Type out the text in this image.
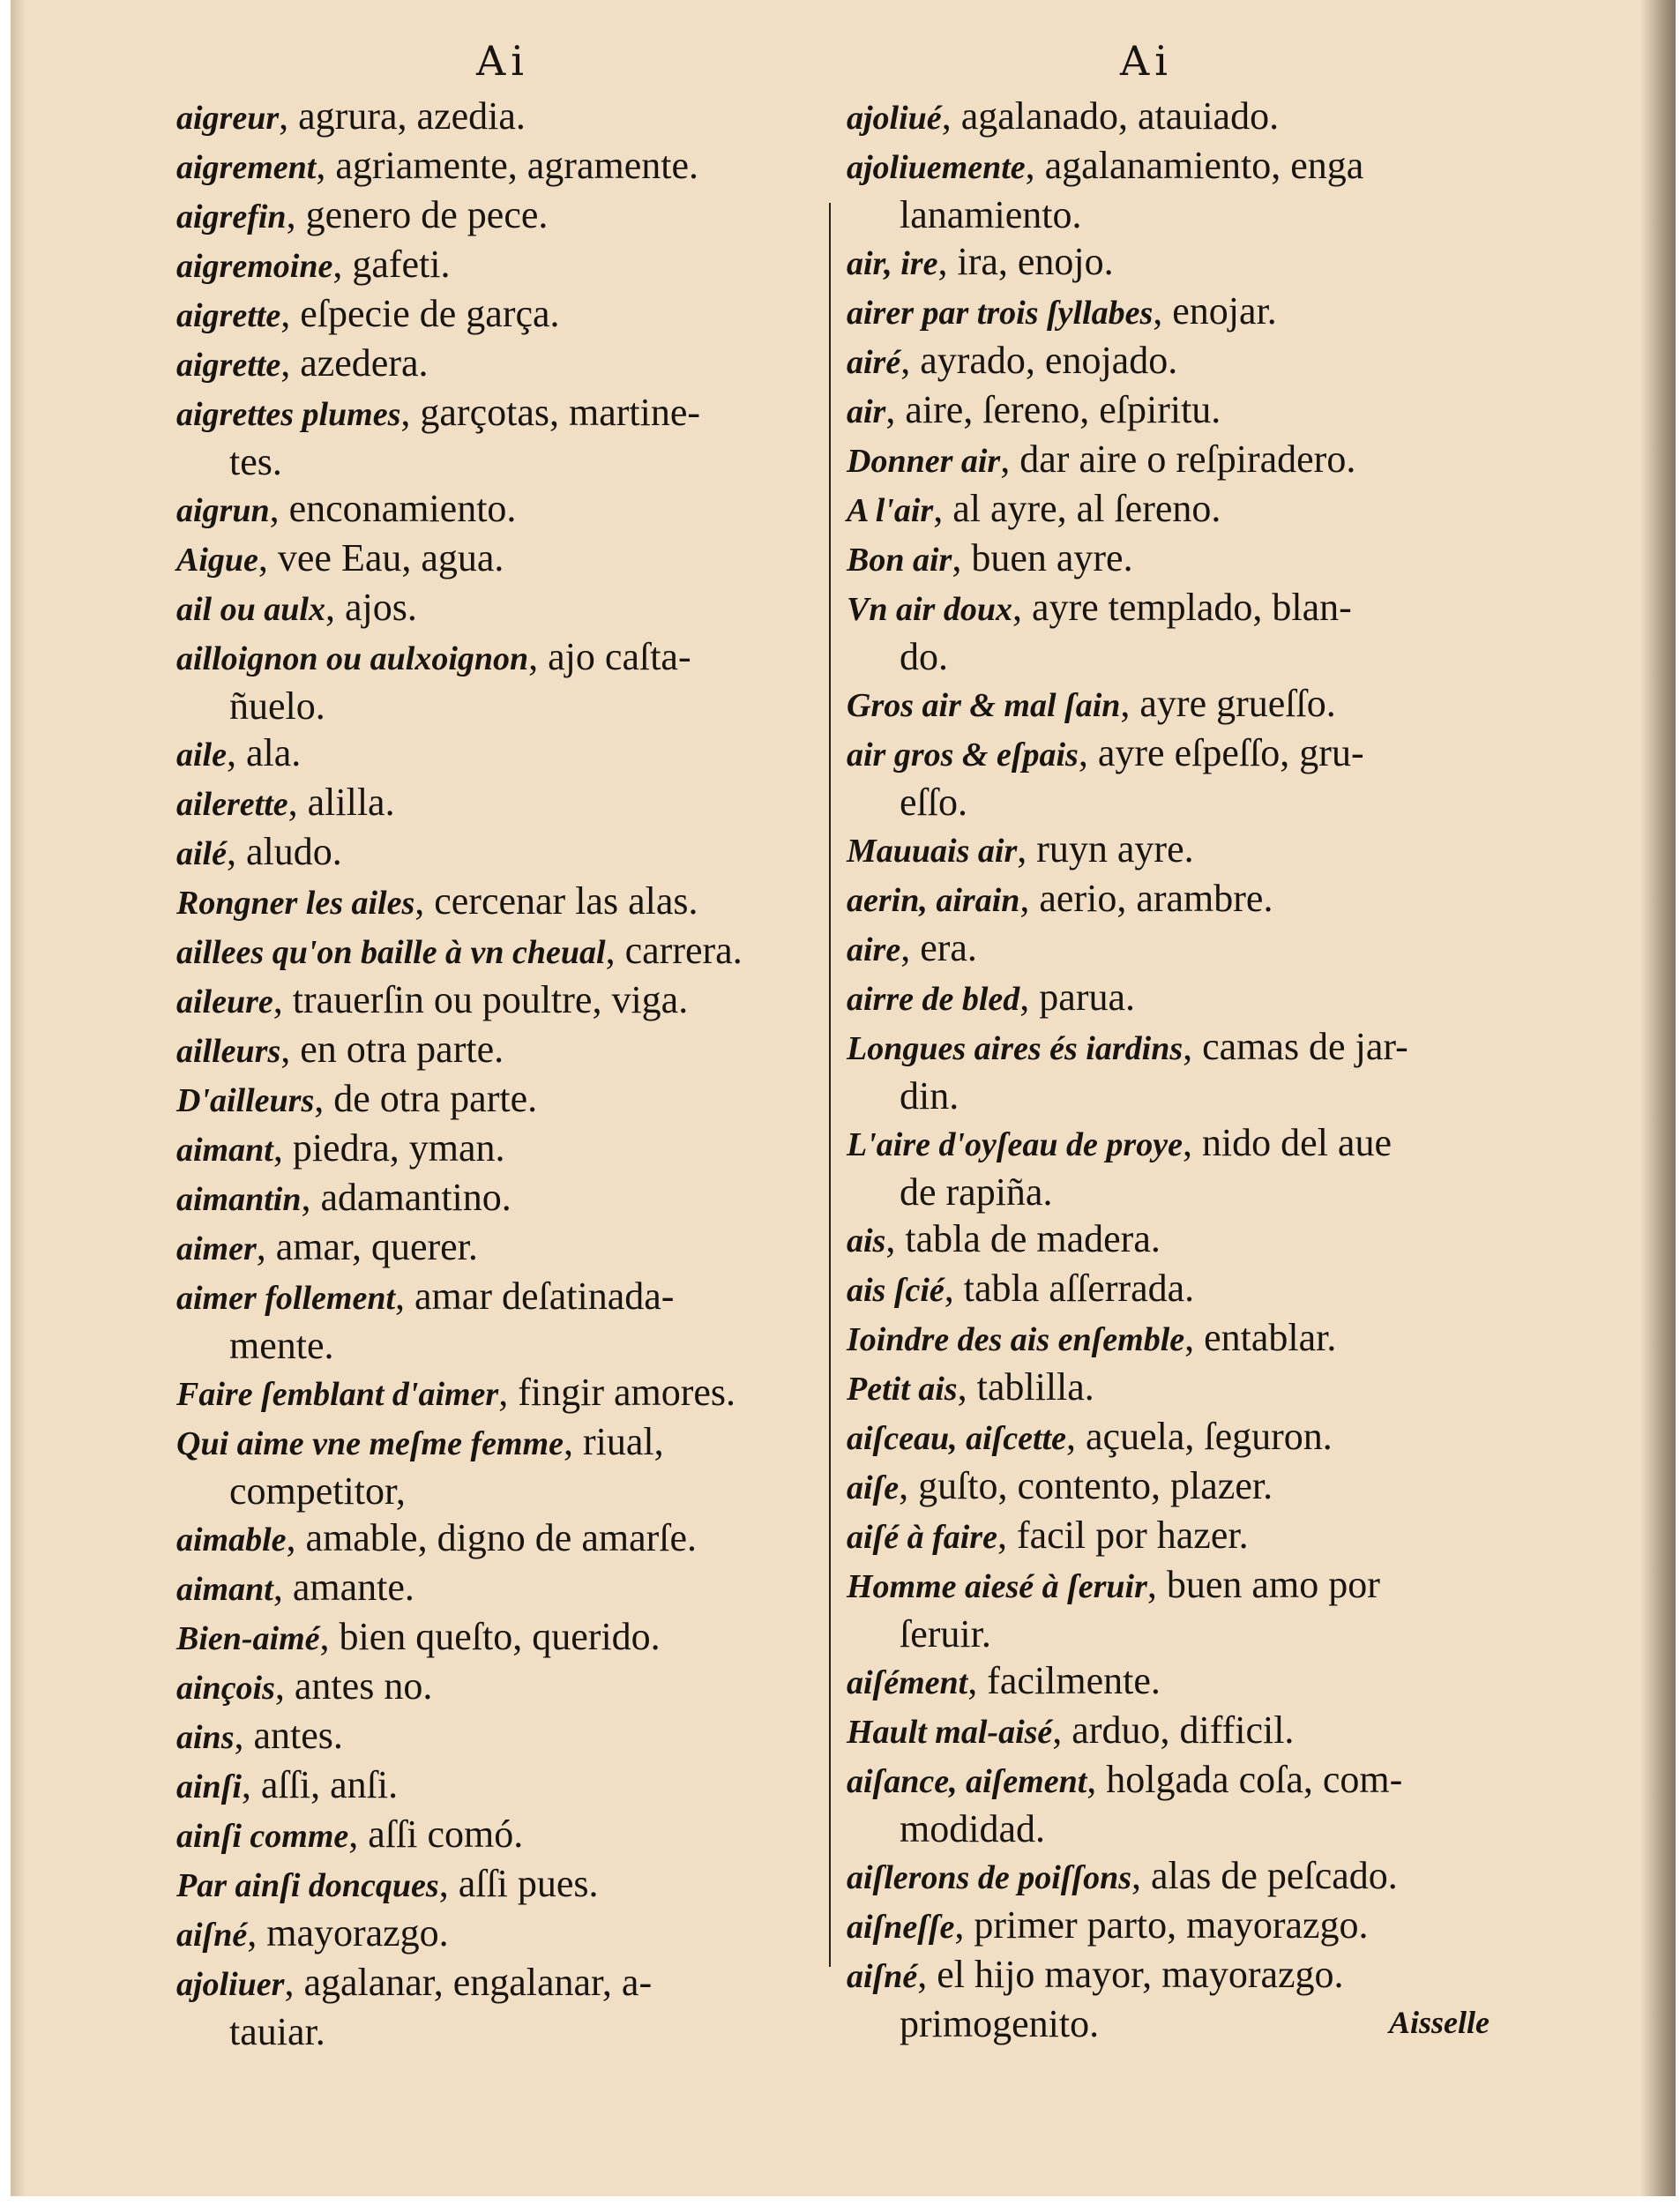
Ai	Ai
aigreur, agrura, azedia.
aigrement, agriamente, agramente.
aigrefin, genero de pece.
aigremoine, gafeti.
aigrette, eſpecie de garça.
aigrette, azedera.
aigrettes plumes, garçotas, martine-
tes.
aigrun, enconamiento.
Aigue, vee Eau, agua.
ail ou aulx, ajos.
ailloignon ou aulxoignon, ajo caſta-
ñuelo.
aile, ala.
ailerette, alilla.
ailé, aludo.
Rongner les ailes, cercenar las alas.
aillees qu'on baille à vn cheual, carrera.
aileure, trauerſin ou poultre, viga.
ailleurs, en otra parte.
D'ailleurs, de otra parte.
aimant, piedra, yman.
aimantin, adamantino.
aimer, amar, querer.
aimer follement, amar deſatinada-
mente.
Faire ſemblant d'aimer, fingir amores.
Qui aime vne meſme femme, riual,
competitor,
aimable, amable, digno de amarſe.
aimant, amante.
Bien-aimé, bien queſto, querido.
ainçois, antes no.
ains, antes.
ainſi, aſſi, anſi.
ainſi comme, aſſi comó.
Par ainſi doncques, aſſi pues.
aiſné, mayorazgo.
ajoliuer, agalanar, engalanar, a-
tauiar.
ajoliué, agalanado, atauiado.
ajoliuemente, agalanamiento, enga
lanamiento.
air, ire, ira, enojo.
airer par trois ſyllabes, enojar.
airé, ayrado, enojado.
air, aire, ſereno, eſpiritu.
Donner air, dar aire o reſpiradero.
A l'air, al ayre, al ſereno.
Bon air, buen ayre.
Vn air doux, ayre templado, blan-
do.
Gros air & mal ſain, ayre grueſſo.
air gros & eſpais, ayre eſpeſſo, gru-
eſſo.
Mauuais air, ruyn ayre.
aerin, airain, aerio, arambre.
aire, era.
airre de bled, parua.
Longues aires és iardins, camas de jar-
din.
L'aire d'oyſeau de proye, nido del aue
de rapiña.
ais, tabla de madera.
ais ſcié, tabla aſſerrada.
Ioindre des ais enſemble, entablar.
Petit ais, tablilla.
aiſceau, aiſcette, açuela, ſeguron.
aiſe, guſto, contento, plazer.
aiſé à faire, facil por hazer.
Homme aiesé à ſeruir, buen amo por
ſeruir.
aiſément, facilmente.
Hault mal-aisé, arduo, difficil.
aiſance, aiſement, holgada coſa, com-
modidad.
aiſlerons de poiſſons, alas de peſcado.
aiſneſſe, primer parto, mayorazgo.
aiſné, el hijo mayor, mayorazgo.
primogenito.	Aisselle
